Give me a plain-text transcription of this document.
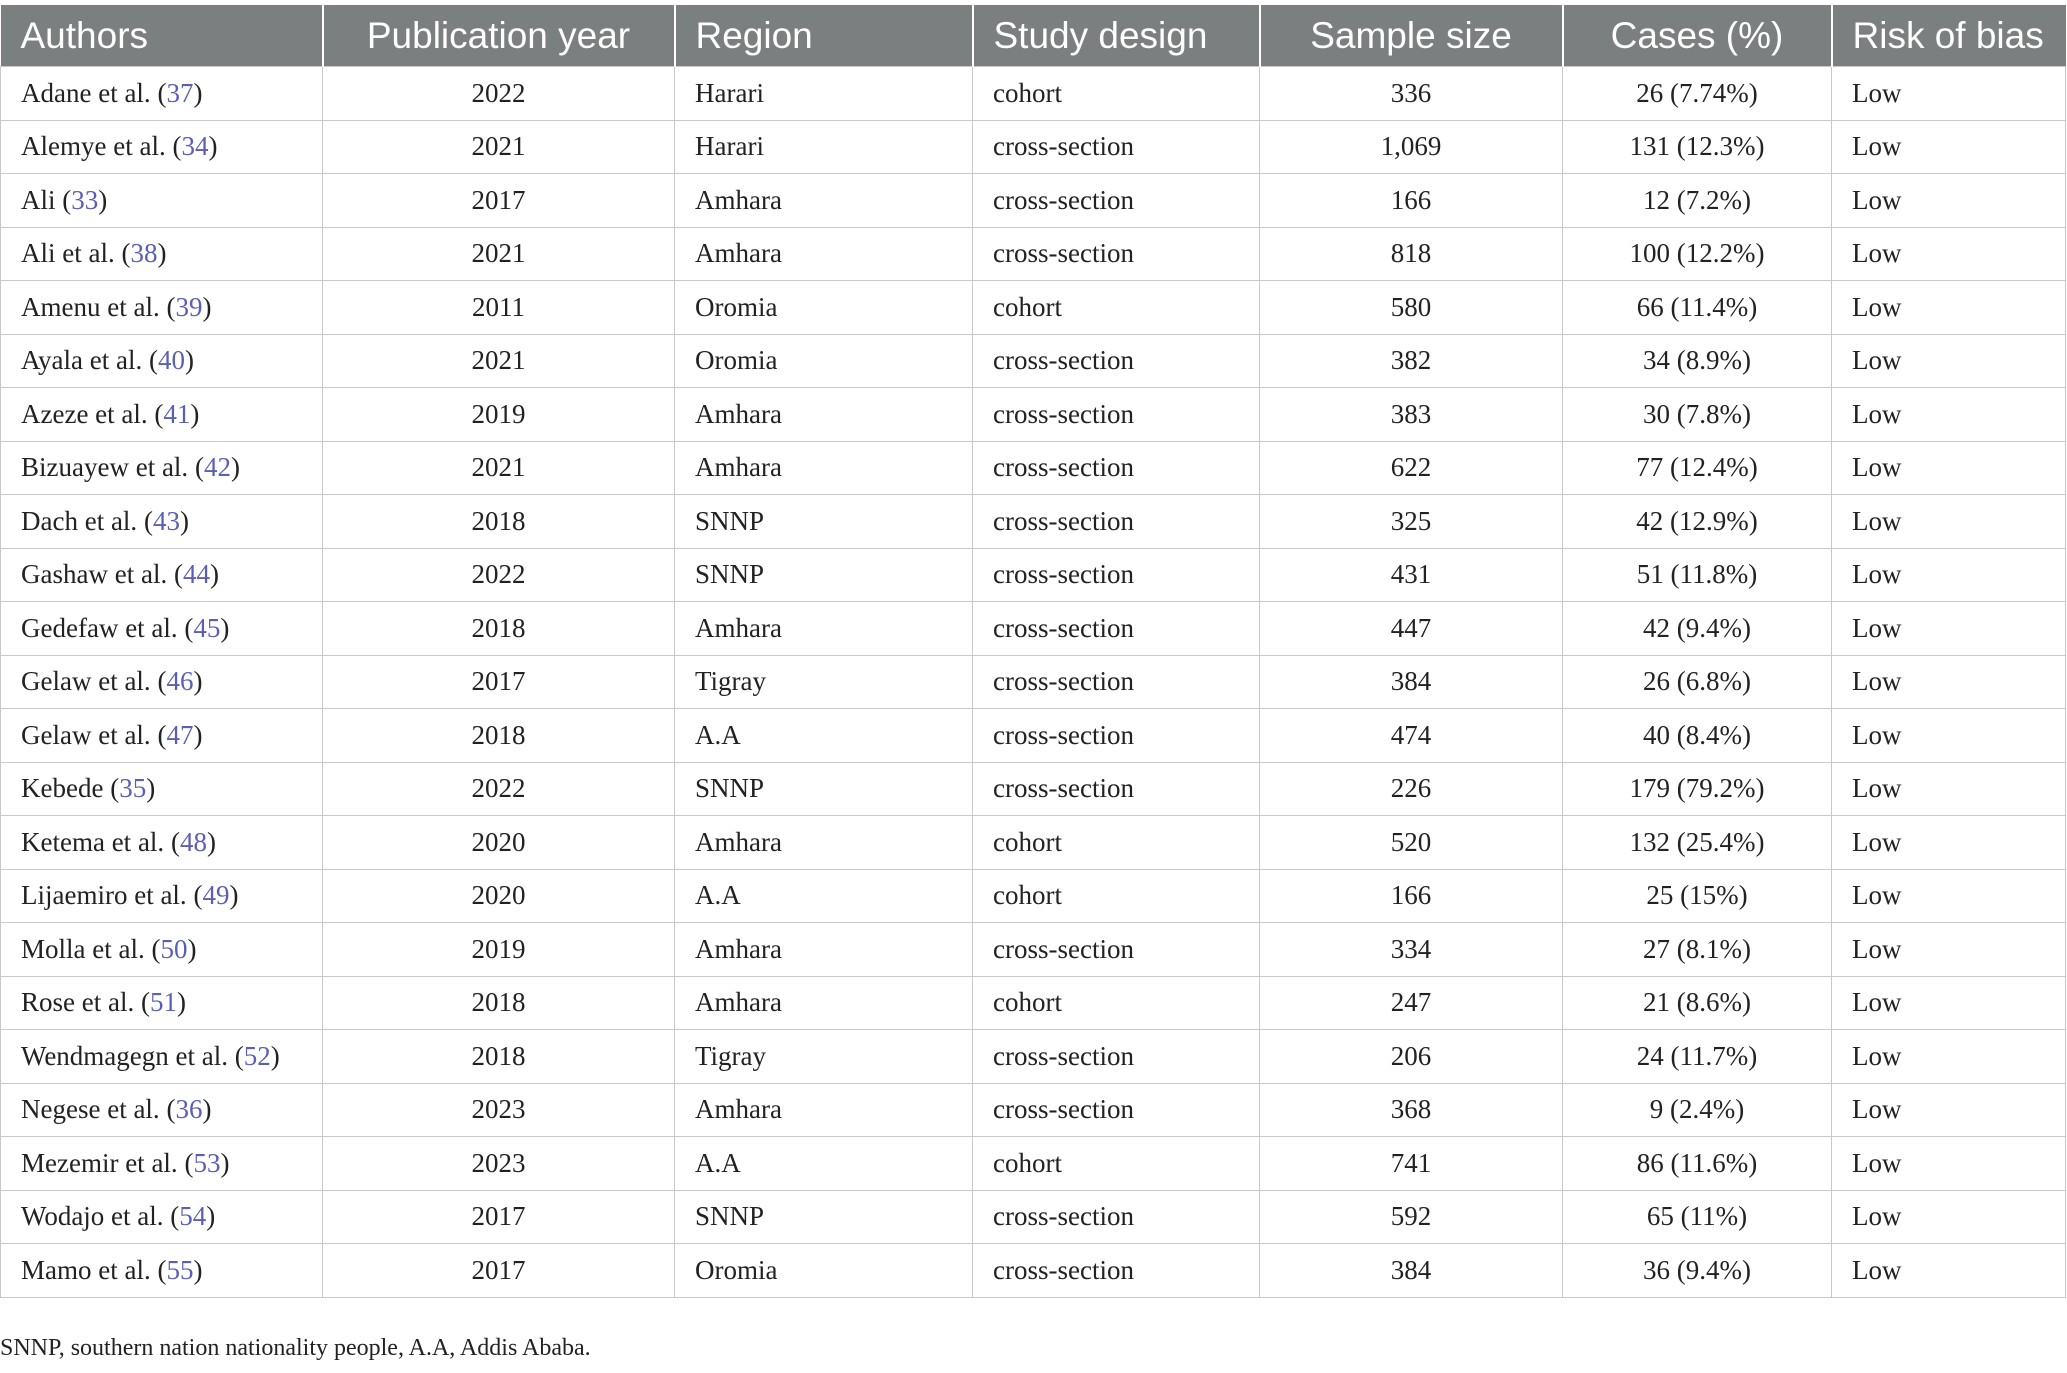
Authors	Publication year	Region	Study design	Sample size	Cases (%)	Risk of bias
Adane et al. (37)	2022	Harari	cohort	336	26 (7.74%)	Low
Alemye et al. (34)	2021	Harari	cross-section	1,069	131 (12.3%)	Low
Ali (33)	2017	Amhara	cross-section	166	12 (7.2%)	Low
Ali et al. (38)	2021	Amhara	cross-section	818	100 (12.2%)	Low
Amenu et al. (39)	2011	Oromia	cohort	580	66 (11.4%)	Low
Ayala et al. (40)	2021	Oromia	cross-section	382	34 (8.9%)	Low
Azeze et al. (41)	2019	Amhara	cross-section	383	30 (7.8%)	Low
Bizuayew et al. (42)	2021	Amhara	cross-section	622	77 (12.4%)	Low
Dach et al. (43)	2018	SNNP	cross-section	325	42 (12.9%)	Low
Gashaw et al. (44)	2022	SNNP	cross-section	431	51 (11.8%)	Low
Gedefaw et al. (45)	2018	Amhara	cross-section	447	42 (9.4%)	Low
Gelaw et al. (46)	2017	Tigray	cross-section	384	26 (6.8%)	Low
Gelaw et al. (47)	2018	A.A	cross-section	474	40 (8.4%)	Low
Kebede (35)	2022	SNNP	cross-section	226	179 (79.2%)	Low
Ketema et al. (48)	2020	Amhara	cohort	520	132 (25.4%)	Low
Lijaemiro et al. (49)	2020	A.A	cohort	166	25 (15%)	Low
Molla et al. (50)	2019	Amhara	cross-section	334	27 (8.1%)	Low
Rose et al. (51)	2018	Amhara	cohort	247	21 (8.6%)	Low
Wendmagegn et al. (52)	2018	Tigray	cross-section	206	24 (11.7%)	Low
Negese et al. (36)	2023	Amhara	cross-section	368	9 (2.4%)	Low
Mezemir et al. (53)	2023	A.A	cohort	741	86 (11.6%)	Low
Wodajo et al. (54)	2017	SNNP	cross-section	592	65 (11%)	Low
Mamo et al. (55)	2017	Oromia	cross-section	384	36 (9.4%)	Low
SNNP, southern nation nationality people, A.A, Addis Ababa.
